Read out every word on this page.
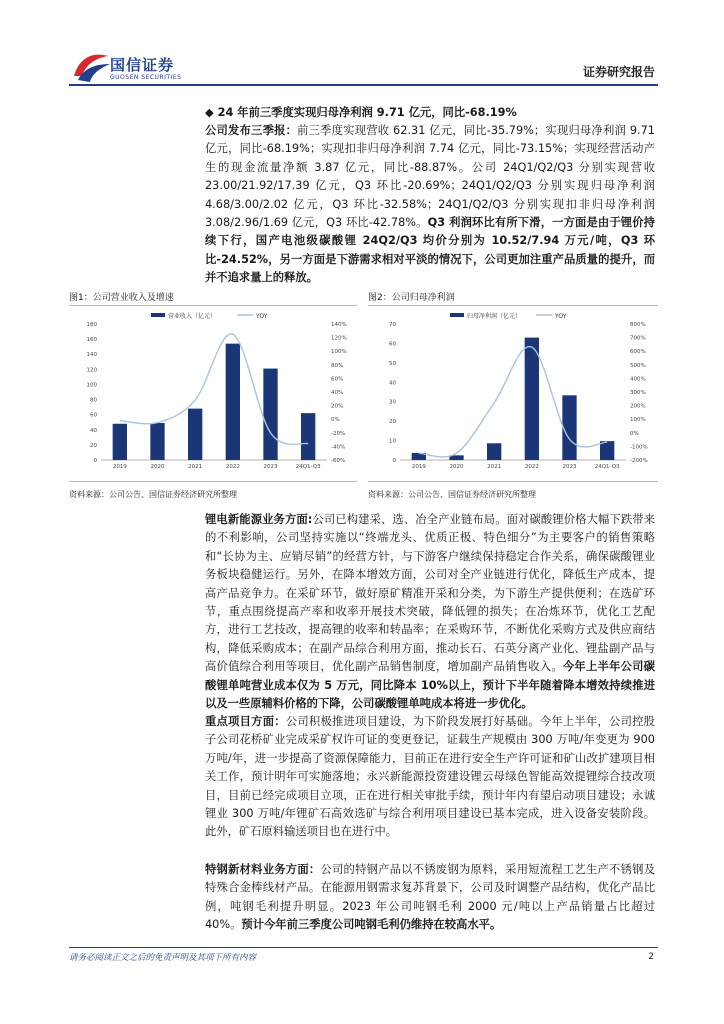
国信证券
GUOSEN SECURITIES	证券研究报告
◆ 24 年前三季度实现归母净利润 9.71 亿元，同比-68.19%
公司发布三季报：前三季度实现营收 62.31 亿元，同比-35.79%；实现归母净利润 9.71 亿元，同比-68.19%；实现扣非归母净利润 7.74 亿元，同比-73.15%；实现经营活动产生的现金流量净额 3.87 亿元，同比-88.87%。公司 24Q1/Q2/Q3 分别实现营收 23.00/21.92/17.39 亿元，Q3 环比-20.69%；24Q1/Q2/Q3 分别实现归母净利润 4.68/3.00/2.02 亿元，Q3 环比-32.58%；24Q1/Q2/Q3 分别实现扣非归母净利润 3.08/2.96/1.69 亿元，Q3 环比-42.78%。Q3 利润环比有所下滑，一方面是由于锂价持续下行，国产电池级碳酸锂 24Q2/Q3 均价分别为 10.52/7.94 万元/吨，Q3 环比-24.52%，另一方面是下游需求相对平淡的情况下，公司更加注重产品质量的提升，而并不追求量上的释放。
图1：公司营业收入及增速
营业收入（亿元）	YOY
0
20
40
60
80
100
120
140
160
180
-60%
-40%
-20%
0%
20%
40%
60%
80%
100%
120%
140%
2019	2020	2021	2022	2023	24Q1-Q3
资料来源：公司公告、国信证券经济研究所整理
图2：公司归母净利润
归母净利润（亿元）	YOY
0
10
20
30
40
50
60
70
-200%
-100%
0%
100%
200%
300%
400%
500%
600%
700%
800%
2019	2020	2021	2022	2023	24Q1-Q3
资料来源：公司公告、国信证券经济研究所整理
锂电新能源业务方面:公司已构建采、选、冶全产业链布局。面对碳酸锂价格大幅下跌带来的不利影响，公司坚持实施以“终端龙头、优质正极、特色细分”为主要客户的销售策略和“长协为主、应销尽销”的经营方针，与下游客户继续保持稳定合作关系，确保碳酸锂业务板块稳健运行。另外，在降本增效方面，公司对全产业链进行优化，降低生产成本，提高产品竞争力。在采矿环节，做好原矿精准开采和分类，为下游生产提供便利；在选矿环节，重点围绕提高产率和收率开展技术突破，降低锂的损失；在冶炼环节，优化工艺配方，进行工艺技改，提高锂的收率和转晶率；在采购环节，不断优化采购方式及供应商结构，降低采购成本；在副产品综合利用方面，推动长石、石英分离产业化、锂盐副产品与高价值综合利用等项目，优化副产品销售制度，增加副产品销售收入。今年上半年公司碳酸锂单吨营业成本仅为 5 万元，同比降本 10%以上，预计下半年随着降本增效持续推进以及一些原辅料价格的下降，公司碳酸锂单吨成本将进一步优化。
重点项目方面：公司积极推进项目建设，为下阶段发展打好基础。今年上半年，公司控股子公司花桥矿业完成采矿权许可证的变更登记，证载生产规模由 300 万吨/年变更为 900 万吨/年，进一步提高了资源保障能力，目前正在进行安全生产许可证和矿山改扩建项目相关工作，预计明年可实施落地；永兴新能源投资建设锂云母绿色智能高效提锂综合技改项目，目前已经完成项目立项，正在进行相关审批手续，预计年内有望启动项目建设；永诚锂业 300 万吨/年锂矿石高效选矿与综合利用项目建设已基本完成，进入设备安装阶段。此外，矿石原料输送项目也在进行中。
特钢新材料业务方面：公司的特钢产品以不锈废钢为原料，采用短流程工艺生产不锈钢及特殊合金棒线材产品。在能源用钢需求复苏背景下，公司及时调整产品结构，优化产品比例，吨钢毛利提升明显。2023 年公司吨钢毛利 2000 元/吨以上产品销量占比超过 40%。预计今年前三季度公司吨钢毛利仍维持在较高水平。
请务必阅读正文之后的免责声明及其项下所有内容	2
